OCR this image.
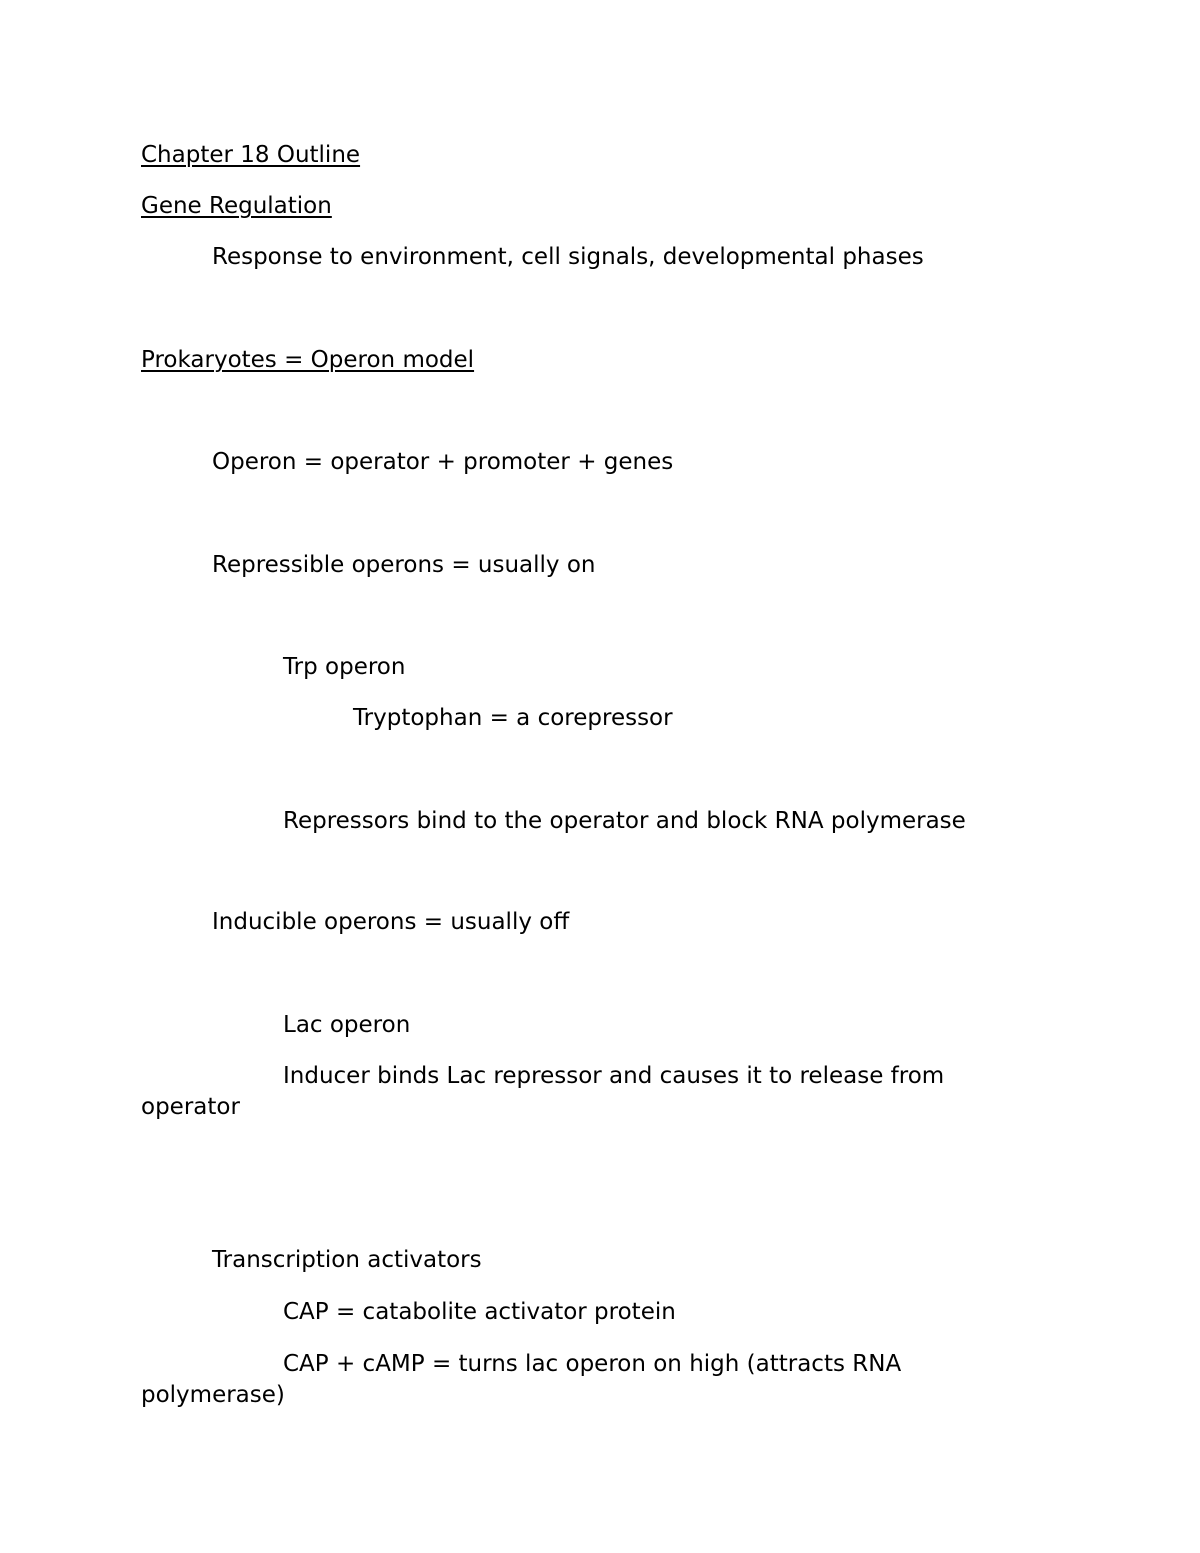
Chapter 18 Outline

Gene Regulation

Response to environment, cell signals, developmental phases

Prokaryotes = Operon model

Operon = operator + promoter + genes

Repressible operons = usually on

Trp operon

Tryptophan = a corepressor

Repressors bind to the operator and block RNA polymerase

Inducible operons = usually off

Lac operon

Inducer binds Lac repressor and causes it to release from

operator

Transcription activators

CAP = catabolite activator protein

CAP + cAMP = turns lac operon on high (attracts RNA

polymerase)
